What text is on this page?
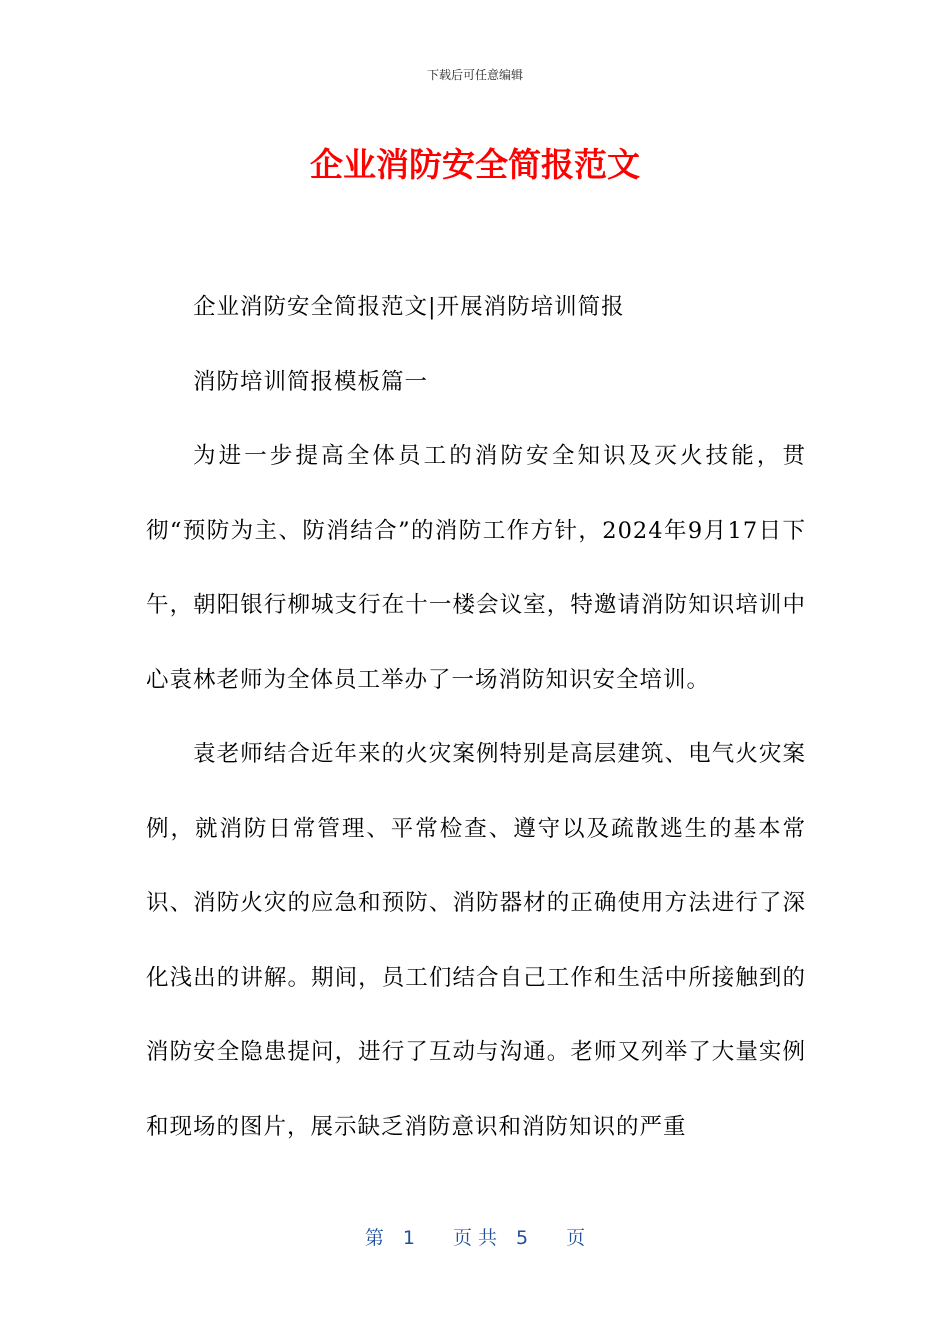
下载后可任意编辑
企业消防安全简报范文

企业消防安全简报范文|开展消防培训简报

消防培训简报模板篇一

为进一步提高全体员工的消防安全知识及灭火技能，贯彻“预防为主、防消结合”的消防工作方针，2024年9月17日下午，朝阳银行柳城支行在十一楼会议室，特邀请消防知识培训中心袁林老师为全体员工举办了一场消防知识安全培训。

袁老师结合近年来的火灾案例特别是高层建筑、电气火灾案例，就消防日常管理、平常检查、遵守以及疏散逃生的基本常识、消防火灾的应急和预防、消防器材的正确使用方法进行了深化浅出的讲解。期间，员工们结合自己工作和生活中所接触到的消防安全隐患提问，进行了互动与沟通。老师又列举了大量实例和现场的图片，展示缺乏消防意识和消防知识的严重

第　1　　页 共　5　　页
